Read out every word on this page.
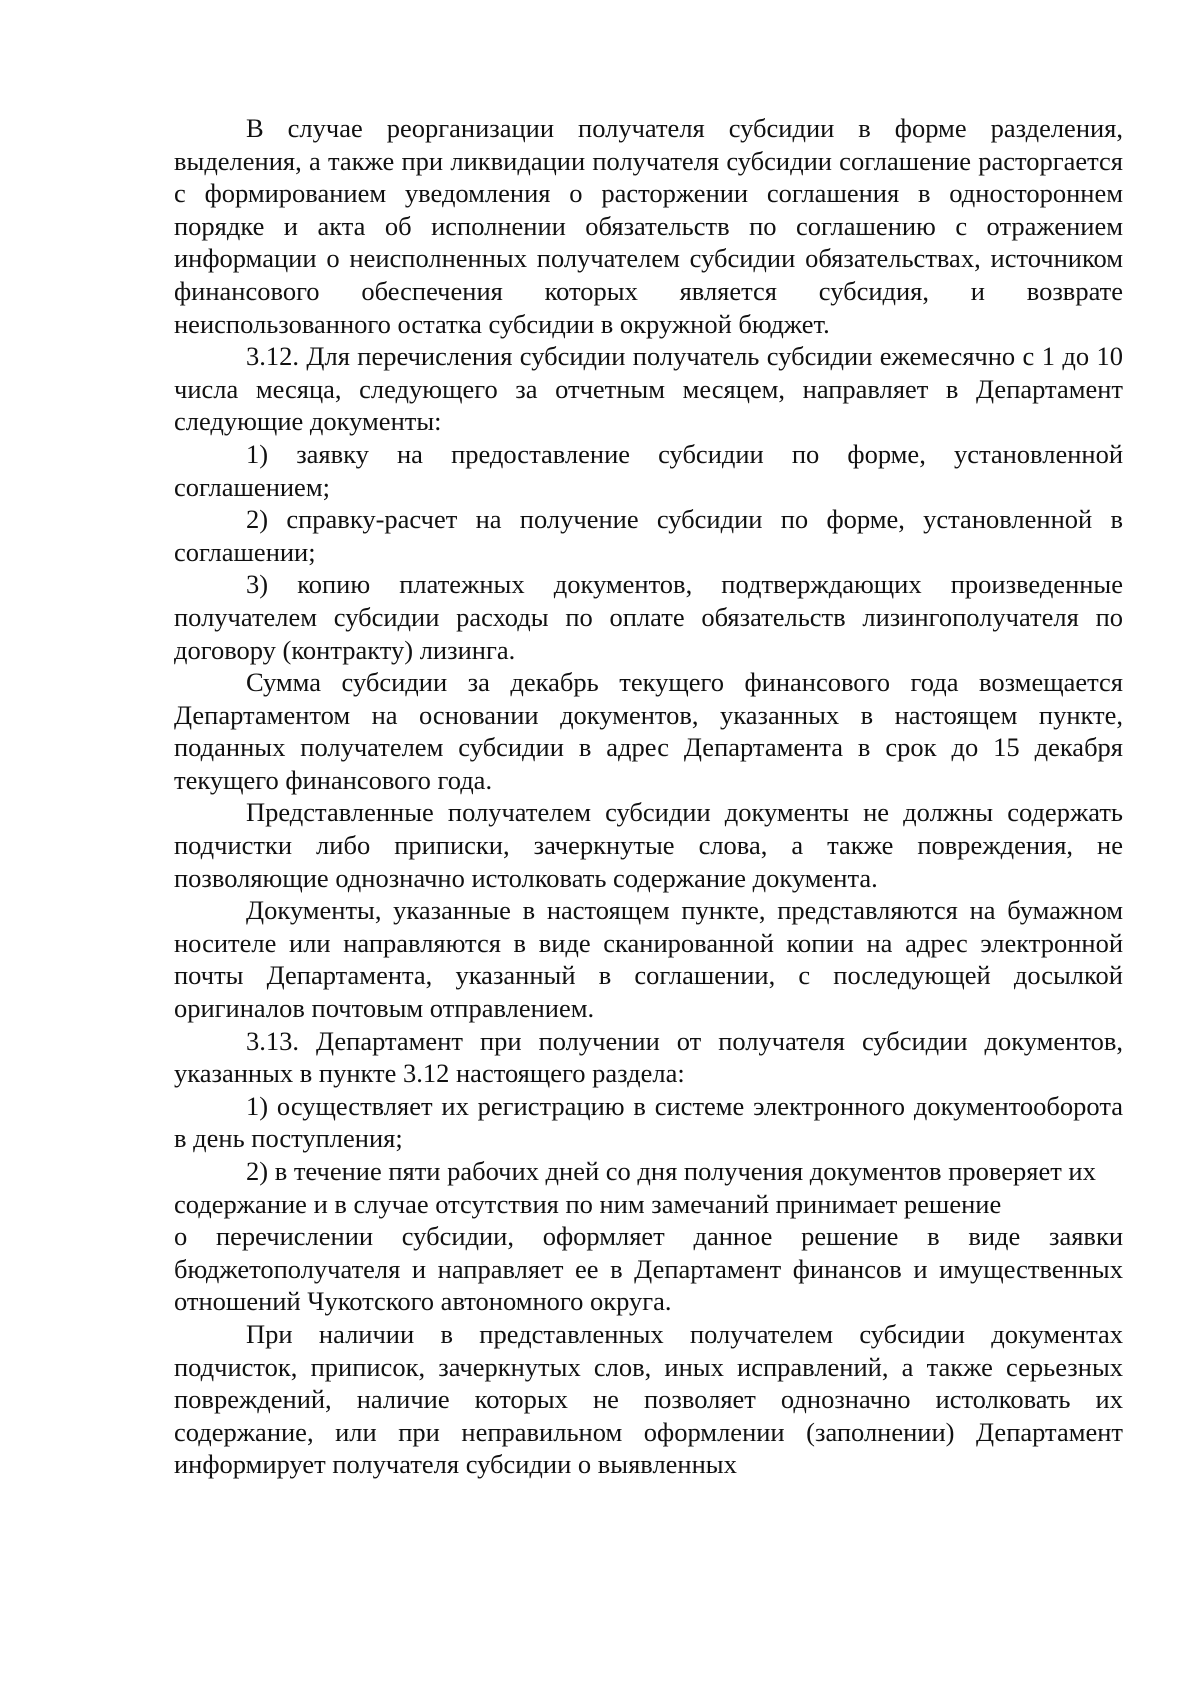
В случае реорганизации получателя субсидии в форме разделения, выделения, а также при ликвидации получателя субсидии соглашение расторгается с формированием уведомления о расторжении соглашения в одностороннем порядке и акта об исполнении обязательств по соглашению с отражением информации о неисполненных получателем субсидии обязательствах, источником финансового обеспечения которых является субсидия, и возврате неиспользованного остатка субсидии в окружной бюджет.

3.12. Для перечисления субсидии получатель субсидии ежемесячно с 1 до 10 числа месяца, следующего за отчетным месяцем, направляет в Департамент следующие документы:

1) заявку на предоставление субсидии по форме, установленной соглашением;

2) справку-расчет на получение субсидии по форме, установленной в соглашении;

3) копию платежных документов, подтверждающих произведенные получателем субсидии расходы по оплате обязательств лизингополучателя по договору (контракту) лизинга.

Сумма субсидии за декабрь текущего финансового года возмещается Департаментом на основании документов, указанных в настоящем пункте, поданных получателем субсидии в адрес Департамента в срок до 15 декабря текущего финансового года.

Представленные получателем субсидии документы не должны содержать подчистки либо приписки, зачеркнутые слова, а также повреждения, не позволяющие однозначно истолковать содержание документа.

Документы, указанные в настоящем пункте, представляются на бумажном носителе или направляются в виде сканированной копии на адрес электронной почты Департамента, указанный в соглашении, с последующей досылкой оригиналов почтовым отправлением.

3.13. Департамент при получении от получателя субсидии документов, указанных в пункте 3.12 настоящего раздела:

1) осуществляет их регистрацию в системе электронного документооборота в день поступления;

2) в течение пяти рабочих дней со дня получения документов проверяет их содержание и в случае отсутствия по ним замечаний принимает решение

о перечислении субсидии, оформляет данное решение в виде заявки бюджетополучателя и направляет ее в Департамент финансов и имущественных отношений Чукотского автономного округа.

При наличии в представленных получателем субсидии документах подчисток, приписок, зачеркнутых слов, иных исправлений, а также серьезных повреждений, наличие которых не позволяет однозначно истолковать их содержание, или при неправильном оформлении (заполнении) Департамент информирует получателя субсидии о выявленных
